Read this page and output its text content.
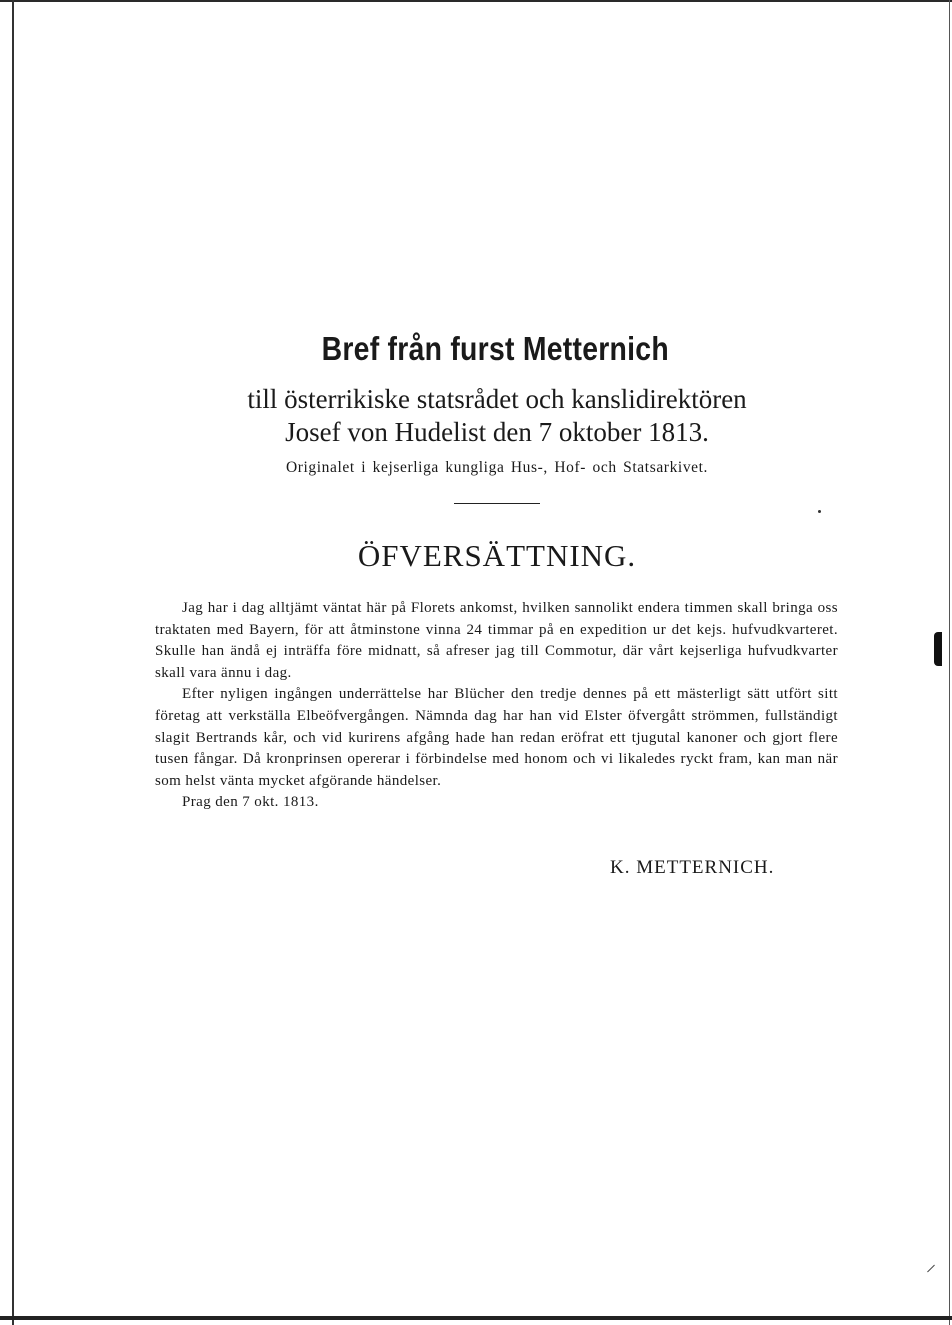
Bref från furst Metternich
till österrikiske statsrådet och kanslidirektören
Josef von Hudelist den 7 oktober 1813.
Originalet i kejserliga kungliga Hus-, Hof- och Statsarkivet.
ÖFVERSÄTTNING.

Jag har i dag alltjämt väntat här på Florets ankomst, hvilken sannolikt endera timmen skall bringa oss traktaten med Bayern, för att åtminstone vinna 24 timmar på en expedition ur det kejs. hufvudkvarteret. Skulle han ändå ej inträffa före midnatt, så afreser jag till Commotur, där vårt kejserliga hufvudkvarter skall vara ännu i dag.

Efter nyligen ingången underrättelse har Blücher den tredje dennes på ett mästerligt sätt utfört sitt företag att verkställa Elbeöfvergången. Nämnda dag har han vid Elster öfvergått strömmen, fullständigt slagit Bertrands kår, och vid kurirens afgång hade han redan eröfrat ett tjugutal kanoner och gjort flere tusen fångar. Då kronprinsen opererar i förbindelse med honom och vi likaledes ryckt fram, kan man när som helst vänta mycket afgörande händelser.

Prag den 7 okt. 1813.

K. METTERNICH.
